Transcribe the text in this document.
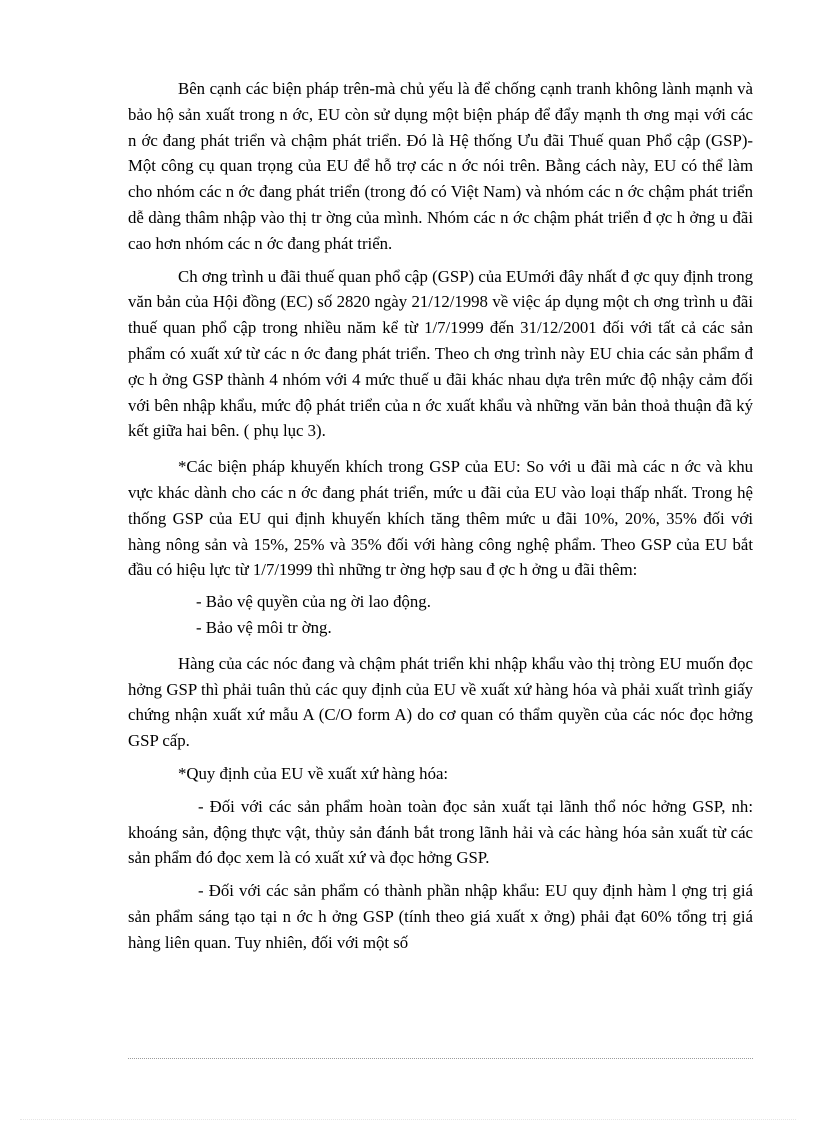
Bên cạnh các biện pháp trên-mà chủ yếu là để chống cạnh tranh không lành mạnh và bảo hộ sản xuất trong n ớc, EU còn sử dụng một biện pháp để đẩy mạnh th ơng mại với các n ớc đang phát triển và chậm phát triển. Đó là Hệ thống Ưu đãi Thuế quan Phổ cập (GSP)- Một công cụ quan trọng của EU để hỗ trợ các n ớc nói trên. Bằng cách này, EU có thể làm cho nhóm các n ớc đang phát triển (trong đó có Việt Nam) và nhóm các n ớc chậm phát triển dễ dàng thâm nhập vào thị tr ờng của mình. Nhóm các n ớc chậm phát triển đ ợc h ởng u đãi cao hơn nhóm các n ớc đang phát triển.

Ch ơng trình u đãi thuế quan phổ cập (GSP) của EUmới đây nhất đ ợc quy định trong văn bản của Hội đồng (EC) số 2820 ngày 21/12/1998 về việc áp dụng một ch ơng trình u đãi thuế quan phổ cập trong nhiều năm kể từ 1/7/1999 đến 31/12/2001 đối với tất cả các sản phẩm có xuất xứ từ các n ớc đang phát triển. Theo ch ơng trình này EU chia các sản phẩm đ ợc h ởng GSP thành 4 nhóm với 4 mức thuế u đãi khác nhau dựa trên mức độ nhậy cảm đối với bên nhập khẩu, mức độ phát triển của n ớc xuất khẩu và những văn bản thoả thuận đã ký kết giữa hai bên. ( phụ lục 3).

*Các biện pháp khuyến khích trong GSP của EU: So với u đãi mà các n ớc và khu vực khác dành cho các n ớc đang phát triển, mức u đãi của EU vào loại thấp nhất. Trong hệ thống GSP của EU qui định khuyến khích tăng thêm mức u đãi 10%, 20%, 35% đối với hàng nông sản và 15%, 25% và 35% đối với hàng công nghệ phẩm. Theo GSP của EU bắt đầu có hiệu lực từ 1/7/1999 thì những tr ờng hợp sau đ ợc h ởng u đãi thêm:

- Bảo vệ quyền của ng ời lao động.

- Bảo vệ môi tr ờng.

Hàng của các nóc đang và chậm phát triển khi nhập khẩu vào thị tròng EU muốn đọc hởng GSP thì phải tuân thủ các quy định của EU về xuất xứ hàng hóa và phải xuất trình giấy chứng nhận xuất xứ mẫu A (C/O form A) do cơ quan có thẩm quyền của các nóc đọc hởng GSP cấp.

*Quy định của EU về xuất xứ hàng hóa:

- Đối với các sản phẩm hoàn toàn đọc sản xuất tại lãnh thổ nóc hởng GSP, nh: khoáng sản, động thực vật, thủy sản đánh bắt trong lãnh hải và các hàng hóa sản xuất từ các sản phẩm đó đọc xem là có xuất xứ và đọc hởng GSP.

- Đối với các sản phẩm có thành phần nhập khẩu: EU quy định hàm l ợng trị giá sản phẩm sáng tạo tại n ớc h ởng GSP (tính theo giá xuất x ởng) phải đạt 60% tổng trị giá hàng liên quan. Tuy nhiên, đối với một số
